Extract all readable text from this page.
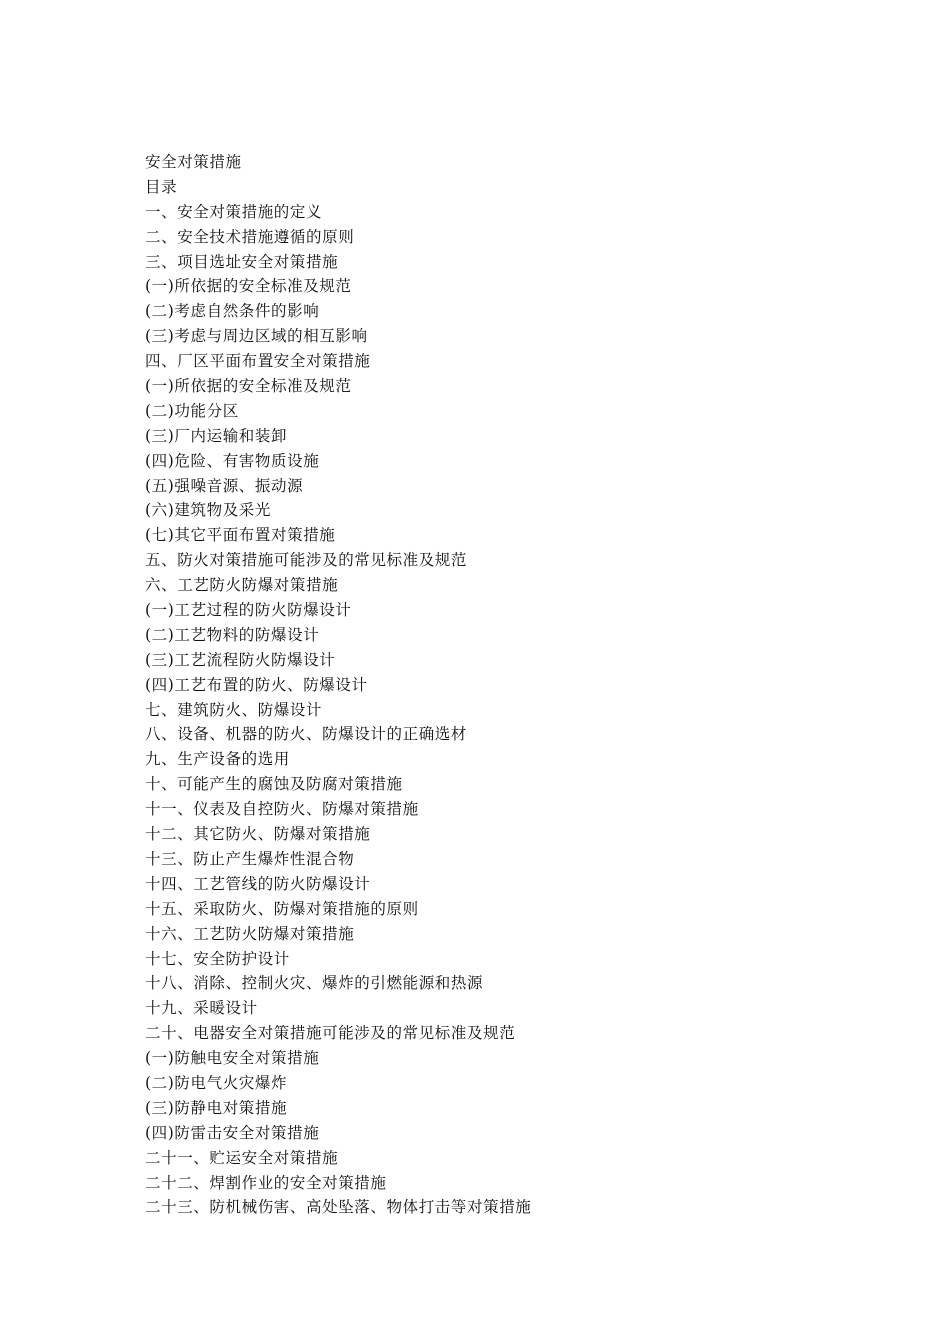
安全对策措施
目录
一、安全对策措施的定义
二、安全技术措施遵循的原则
三、项目选址安全对策措施
(一)所依据的安全标准及规范
(二)考虑自然条件的影响
(三)考虑与周边区域的相互影响
四、厂区平面布置安全对策措施
(一)所依据的安全标准及规范
(二)功能分区
(三)厂内运输和装卸
(四)危险、有害物质设施
(五)强噪音源、振动源
(六)建筑物及采光
(七)其它平面布置对策措施
五、防火对策措施可能涉及的常见标准及规范
六、工艺防火防爆对策措施
(一)工艺过程的防火防爆设计
(二)工艺物料的防爆设计
(三)工艺流程防火防爆设计
(四)工艺布置的防火、防爆设计
七、建筑防火、防爆设计
八、设备、机器的防火、防爆设计的正确选材
九、生产设备的选用
十、可能产生的腐蚀及防腐对策措施
十一、仪表及自控防火、防爆对策措施
十二、其它防火、防爆对策措施
十三、防止产生爆炸性混合物
十四、工艺管线的防火防爆设计
十五、采取防火、防爆对策措施的原则
十六、工艺防火防爆对策措施
十七、安全防护设计
十八、消除、控制火灾、爆炸的引燃能源和热源
十九、采暖设计
二十、电器安全对策措施可能涉及的常见标准及规范
(一)防触电安全对策措施
(二)防电气火灾爆炸
(三)防静电对策措施
(四)防雷击安全对策措施
二十一、贮运安全对策措施
二十二、焊割作业的安全对策措施
二十三、防机械伤害、高处坠落、物体打击等对策措施
